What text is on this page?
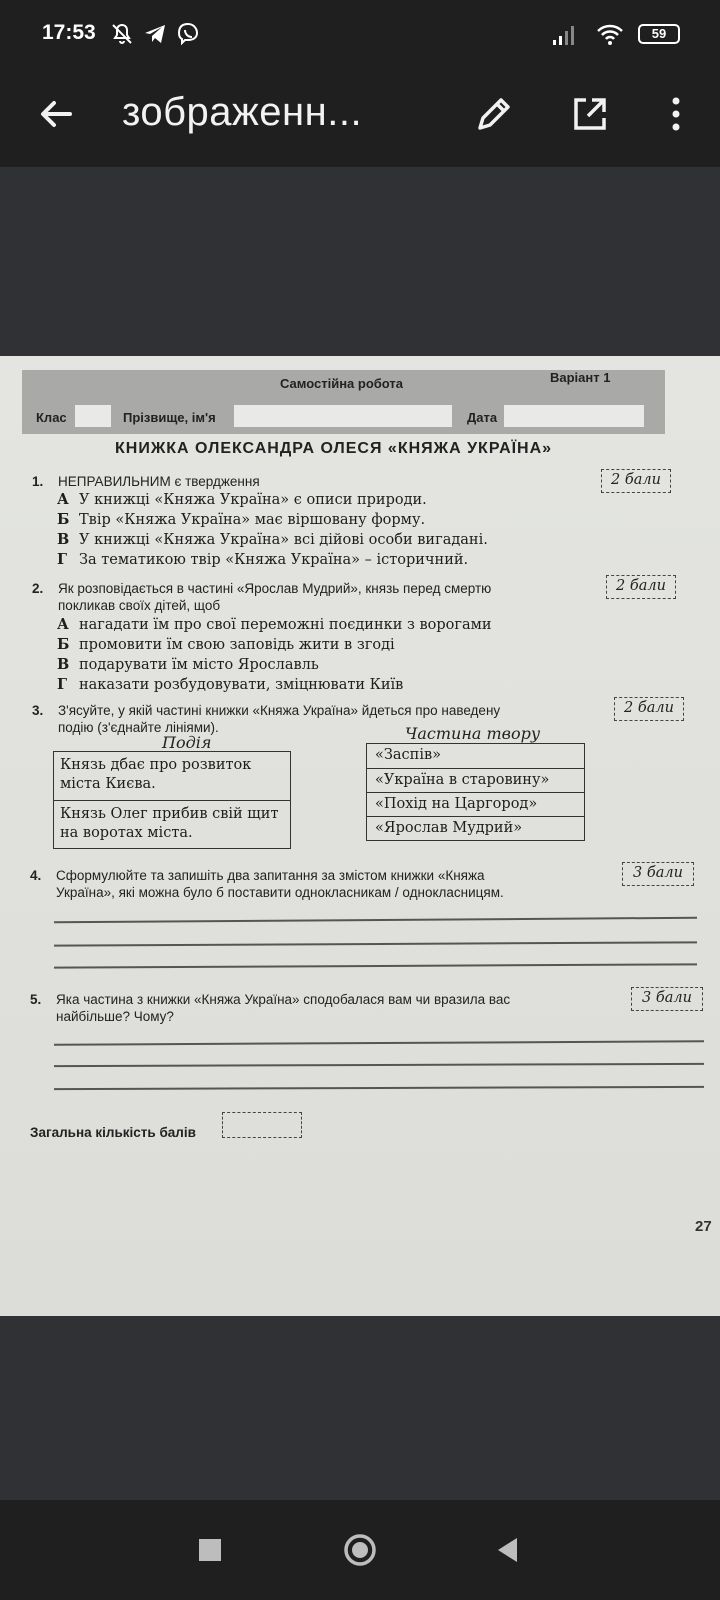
17:53	59
зображенн...
Самостійна робота	Варіант 1
Клас	Прізвище, ім'я	Дата
КНИЖКА ОЛЕКСАНДРА ОЛЕСЯ «КНЯЖА УКРАЇНА»
1. НЕПРАВИЛЬНИМ є твердження	2 бали
А У книжці «Княжа Україна» є описи природи.
Б Твір «Княжа Україна» має віршовану форму.
В У книжці «Княжа Україна» всі дійові особи вигадані.
Г За тематикою твір «Княжа Україна» – історичний.
2. Як розповідається в частині «Ярослав Мудрий», князь перед смертю
покликав своїх дітей, щоб
2 бали
А нагадати їм про свої переможні поєдинки з ворогами
Б промовити їм свою заповідь жити в згоді
В подарувати їм місто Ярославль
Г наказати розбудовувати, зміцнювати Київ
3. З'ясуйте, у якій частині книжки «Княжа Україна» йдеться про наведену
подію (з'єднайте лініями).
2 бали
Подія	Частина твору
Князь дбає про розвиток міста Києва.
Князь Олег прибив свій щит на воротах міста.
«Заспів»
«Україна в старовину»
«Похід на Царгород»
«Ярослав Мудрий»
4. Сформулюйте та запишіть два запитання за змістом книжки «Княжа
Україна», які можна було б поставити однокласникам / однокласницям.
3 бали
5. Яка частина з книжки «Княжа Україна» сподобалася вам чи вразила вас
найбільше? Чому?
3 бали
Загальна кількість балів
27
